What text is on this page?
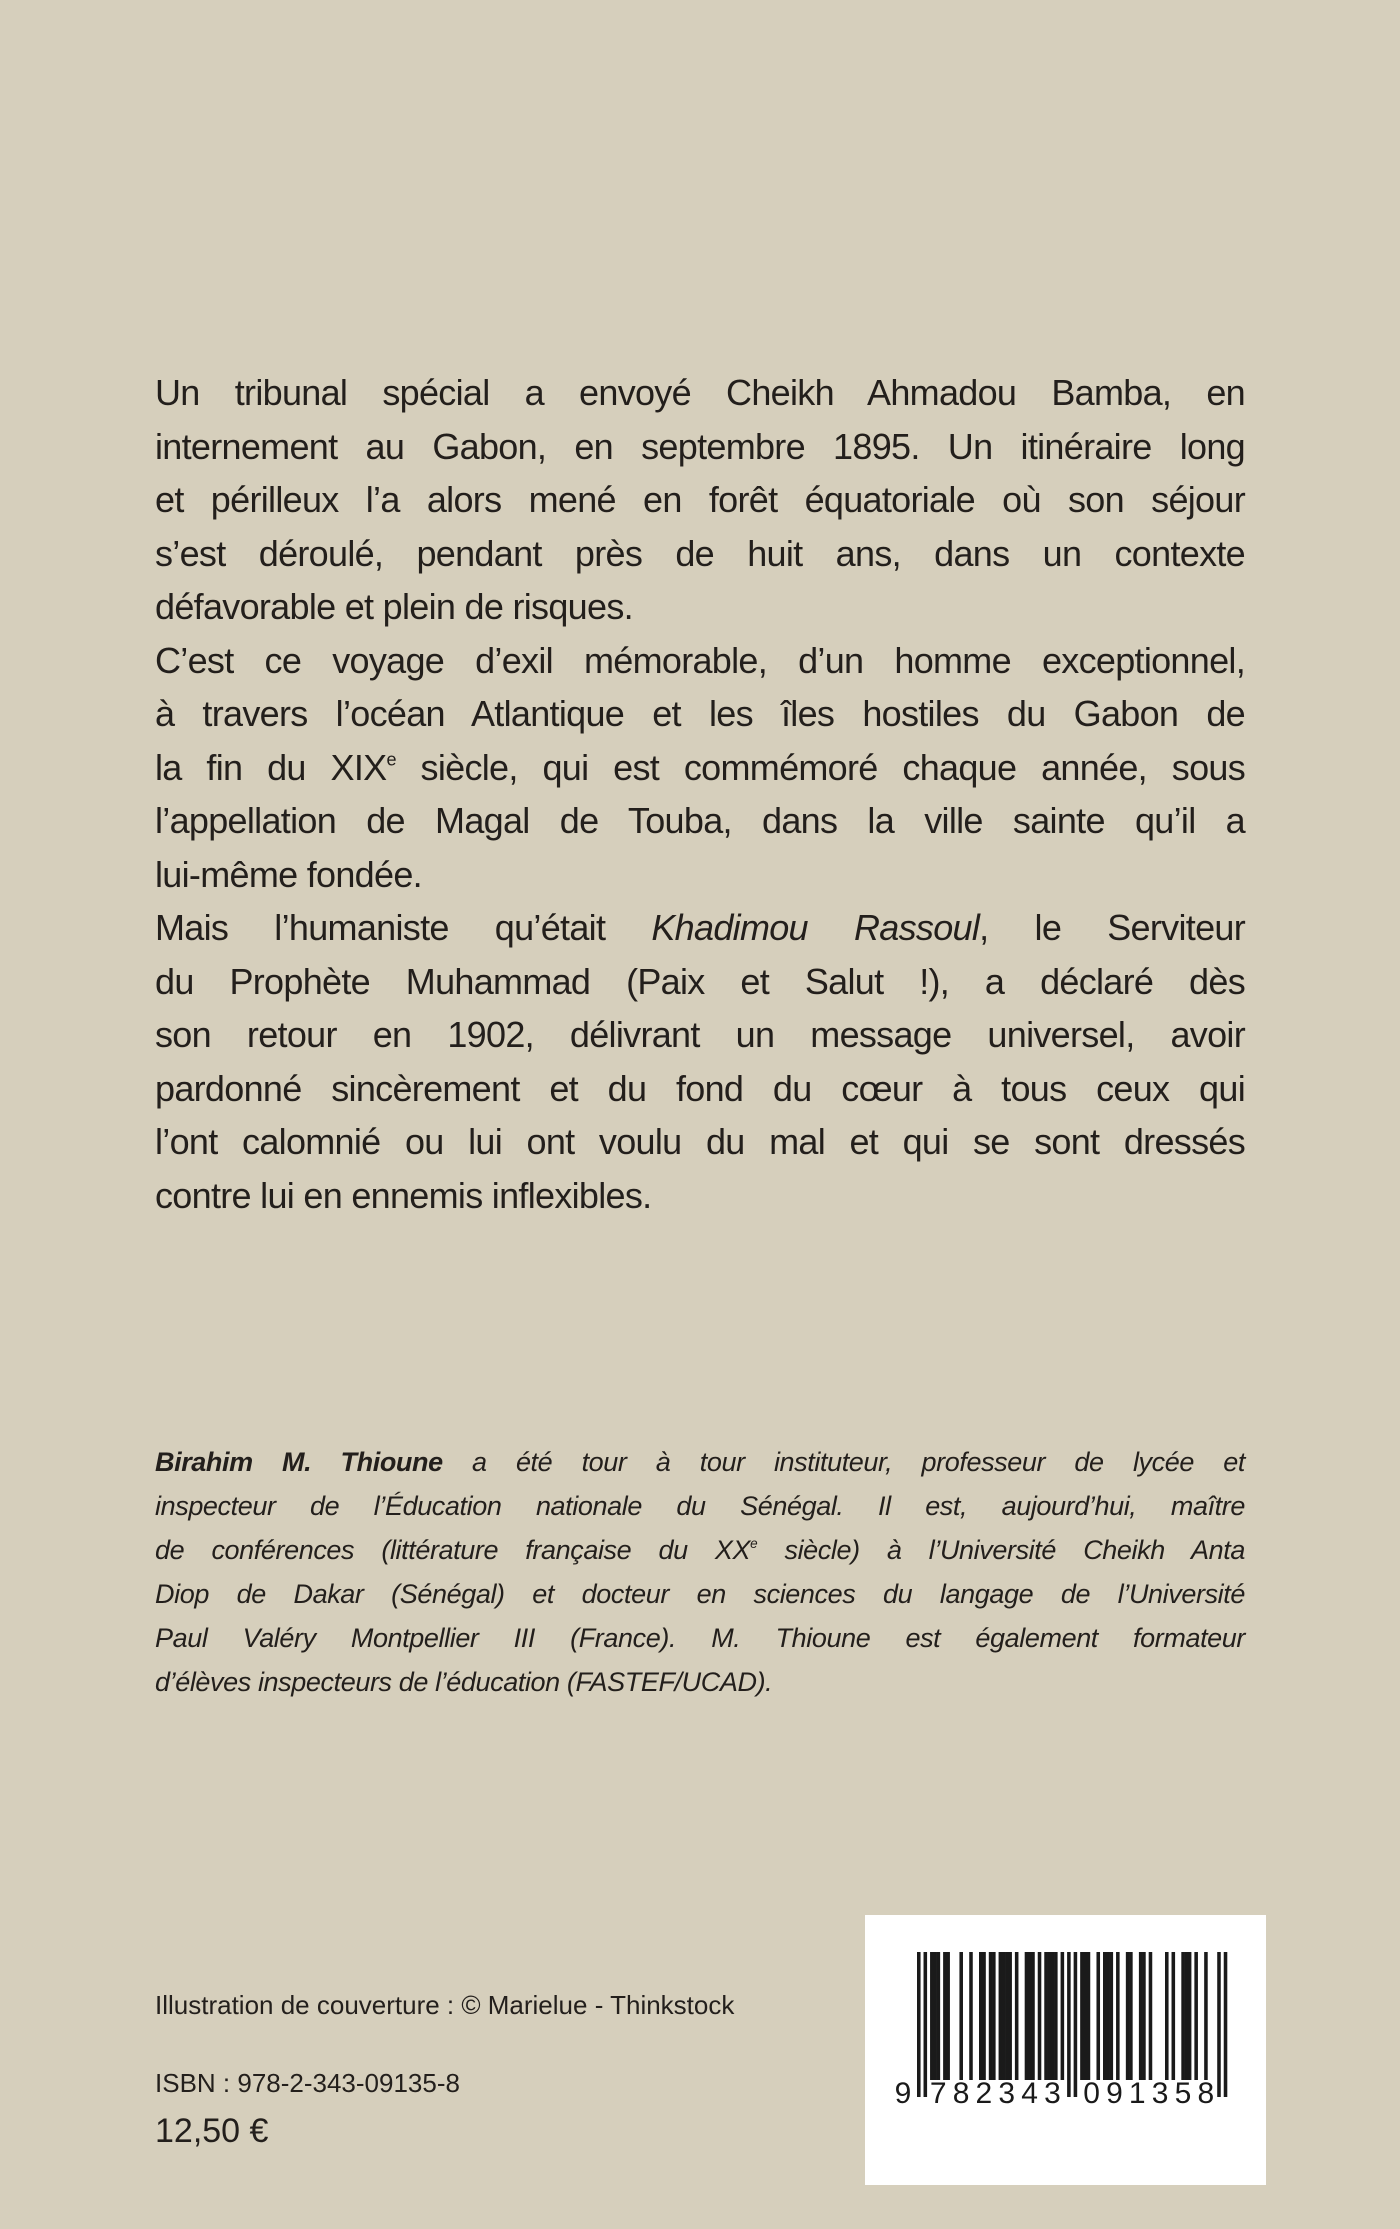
Un tribunal spécial a envoyé Cheikh Ahmadou Bamba, en
internement au Gabon, en septembre 1895. Un itinéraire long
et périlleux l’a alors mené en forêt équatoriale où son séjour
s’est déroulé, pendant près de huit ans, dans un contexte
défavorable et plein de risques.
C’est ce voyage d’exil mémorable, d’un homme exceptionnel,
à travers l’océan Atlantique et les îles hostiles du Gabon de
la fin du XIXe siècle, qui est commémoré chaque année, sous
l’appellation de Magal de Touba, dans la ville sainte qu’il a
lui-même fondée.
Mais l’humaniste qu’était Khadimou Rassoul, le Serviteur
du Prophète Muhammad (Paix et Salut !), a déclaré dès
son retour en 1902, délivrant un message universel, avoir
pardonné sincèrement et du fond du cœur à tous ceux qui
l’ont calomnié ou lui ont voulu du mal et qui se sont dressés
contre lui en ennemis inflexibles.
Birahim M. Thioune a été tour à tour instituteur, professeur de lycée et
inspecteur de l’Éducation nationale du Sénégal. Il est, aujourd’hui, maître
de conférences (littérature française du XXe siècle) à l’Université Cheikh Anta
Diop de Dakar (Sénégal) et docteur en sciences du langage de l’Université
Paul Valéry Montpellier III (France). M. Thioune est également formateur
d’élèves inspecteurs de l’éducation (FASTEF/UCAD).
Illustration de couverture : © Marielue - Thinkstock
ISBN : 978-2-343-09135-8
12,50 €
9 7 8 2 3 4 3 0 9 1 3 5 8
